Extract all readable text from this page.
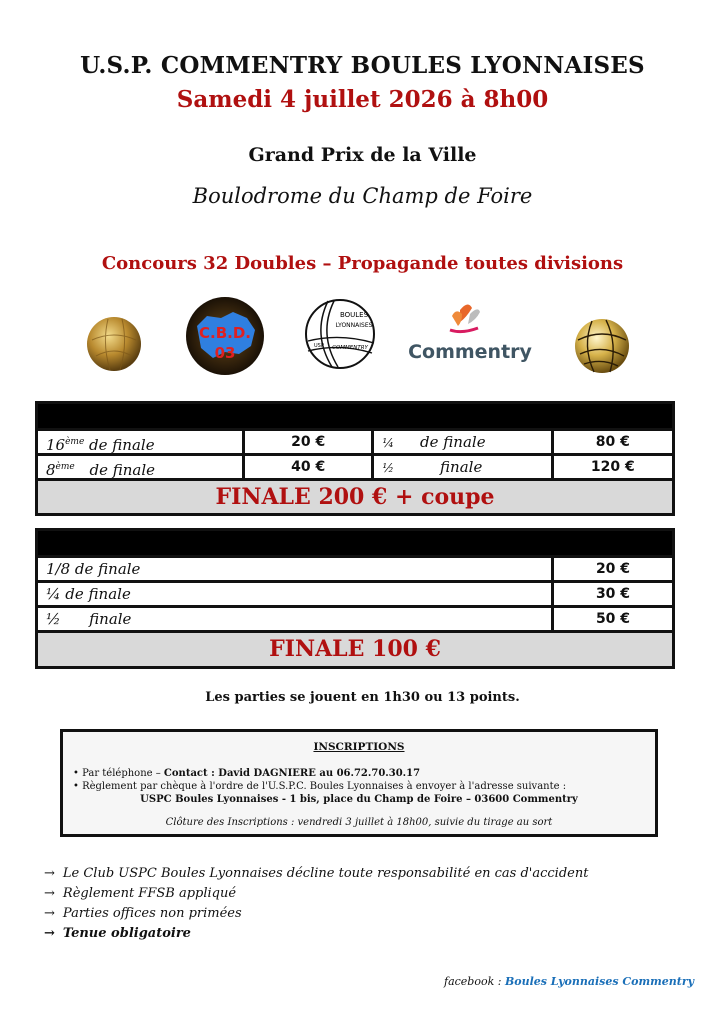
U.S.P. COMMENTRY BOULES LYONNAISES
Samedi 4 juillet 2026 à 8h00
Grand Prix de la Ville
Boulodrome du Champ de Foire
Concours 32 Doubles – Propagande toutes divisions
C.B.D.
03
BOULES
LYONNAISES
USP COMMENTRY Commentry
16ème de finale	20 €	¼ de finale	80 €
8ème de finale	40 €	½	finale	120 €
FINALE 200 € + coupe
1/8 de finale	20 €
¼ de finale	30 €
½      finale	50 €
FINALE 100 €
Les parties se jouent en 1h30 ou 13 points.
INSCRIPTIONS
• Par téléphone – Contact : David DAGNIERE au 06.72.70.30.17
• Règlement par chèque à l'ordre de l'U.S.P.C. Boules Lyonnaises à envoyer à l'adresse suivante :
USPC Boules Lyonnaises - 1 bis, place du Champ de Foire – 03600 Commentry
Clôture des Inscriptions : vendredi 3 juillet à 18h00, suivie du tirage au sort
→ Le Club USPC Boules Lyonnaises décline toute responsabilité en cas d'accident
→ Règlement FFSB appliqué
→ Parties offices non primées
→ Tenue obligatoire
facebook : Boules Lyonnaises Commentry
